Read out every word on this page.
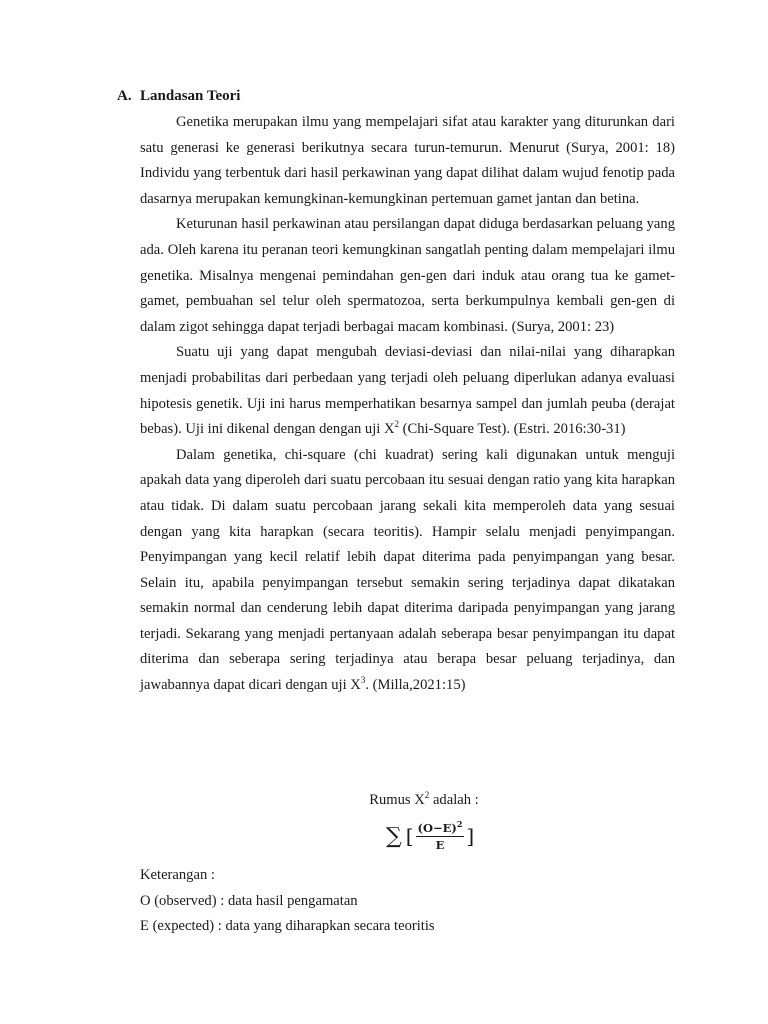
A. Landasan Teori

Genetika merupakan ilmu yang mempelajari sifat atau karakter yang diturunkan dari satu generasi ke generasi berikutnya secara turun-temurun. Menurut (Surya, 2001: 18) Individu yang terbentuk dari hasil perkawinan yang dapat dilihat dalam wujud fenotip pada dasarnya merupakan kemungkinan-kemungkinan pertemuan gamet jantan dan betina.

Keturunan hasil perkawinan atau persilangan dapat diduga berdasarkan peluang yang ada. Oleh karena itu peranan teori kemungkinan sangatlah penting dalam mempelajari ilmu genetika. Misalnya mengenai pemindahan gen-gen dari induk atau orang tua ke gamet-gamet, pembuahan sel telur oleh spermatozoa, serta berkumpulnya kembali gen-gen di dalam zigot sehingga dapat terjadi berbagai macam kombinasi. (Surya, 2001: 23)

Suatu uji yang dapat mengubah deviasi-deviasi dan nilai-nilai yang diharapkan menjadi probabilitas dari perbedaan yang terjadi oleh peluang diperlukan adanya evaluasi hipotesis genetik. Uji ini harus memperhatikan besarnya sampel dan jumlah peuba (derajat bebas). Uji ini dikenal dengan dengan uji $X^2$ (Chi-Square Test). (Estri. 2016:30-31)

Dalam genetika, chi-square (chi kuadrat) sering kali digunakan untuk menguji apakah data yang diperoleh dari suatu percobaan itu sesuai dengan ratio yang kita harapkan atau tidak. Di dalam suatu percobaan jarang sekali kita memperoleh data yang sesuai dengan yang kita harapkan (secara teoritis). Hampir selalu menjadi penyimpangan. Penyimpangan yang kecil relatif lebih dapat diterima pada penyimpangan yang besar. Selain itu, apabila penyimpangan tersebut semakin sering terjadinya dapat dikatakan semakin normal dan cenderung lebih dapat diterima daripada penyimpangan yang jarang terjadi. Sekarang yang menjadi pertanyaan adalah seberapa besar penyimpangan itu dapat diterima dan seberapa sering terjadinya atau berapa besar peluang terjadinya, dan jawabannya dapat dicari dengan uji $X^3$. (Milla,2021:15)

Rumus $X^2$ adalah :
∑ [ $\frac{(O-E)^2}{E}$ ]
Keterangan :
O (observed) : data hasil pengamatan
E (expected) : data yang diharapkan secara teoritis
